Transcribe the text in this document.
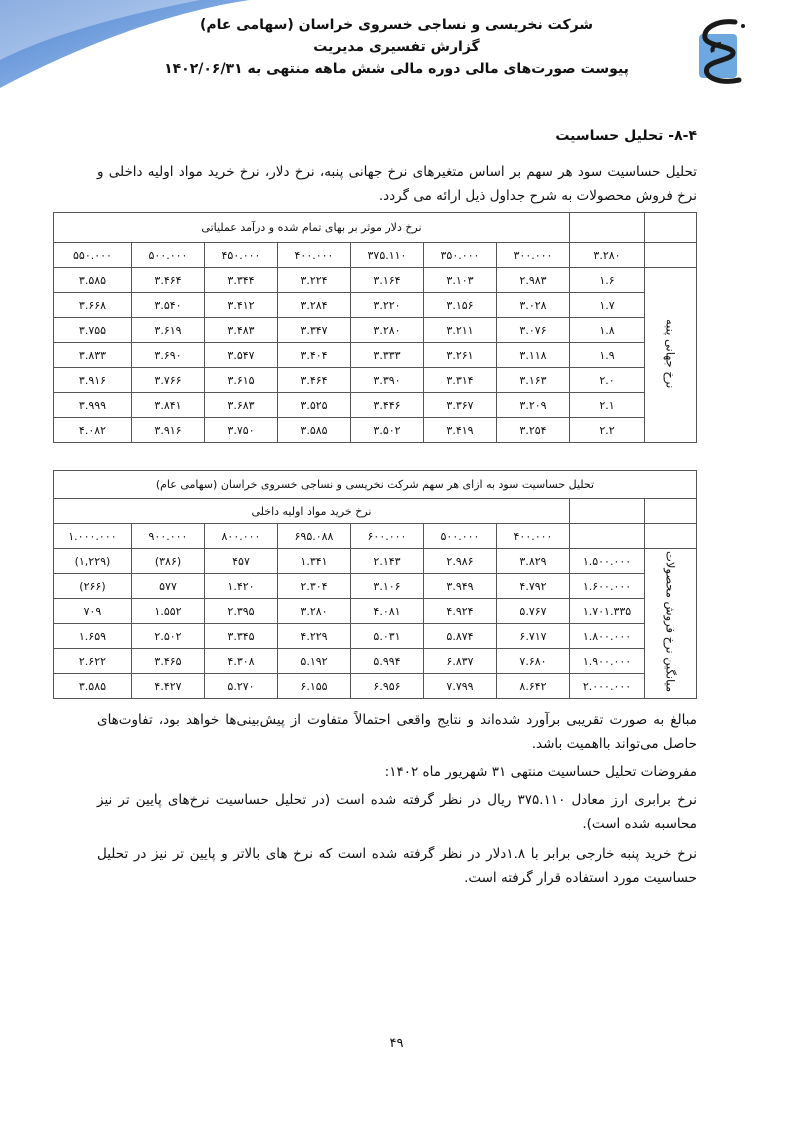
شرکت نخریسی و نساجی خسروی خراسان (سهامی عام)
گزارش تفسیری مدیریت
پیوست صورت‌های مالی دوره مالی شش ماهه منتهی به ۱۴۰۲/۰۶/۳۱
۸-۴- تحلیل حساسیت
تحلیل حساسیت سود هر سهم بر اساس متغیرهای نرخ جهانی پنبه، نرخ دلار، نرخ خرید مواد اولیه داخلی و نرخ فروش محصولات به شرح جداول ذیل ارائه می گردد.
		نرخ دلار موثر بر بهای تمام شده و درآمد عملیاتی						
	۳.۲۸۰	۳۰۰.۰۰۰	۳۵۰.۰۰۰	۳۷۵.۱۱۰	۴۰۰.۰۰۰	۴۵۰.۰۰۰	۵۰۰.۰۰۰	۵۵۰.۰۰۰
نرخ جهانی پنبه	۱.۶	۲.۹۸۳	۳.۱۰۳	۳.۱۶۴	۳.۲۲۴	۳.۳۴۴	۳.۴۶۴	۳.۵۸۵
	۱.۷	۳.۰۲۸	۳.۱۵۶	۳.۲۲۰	۳.۲۸۴	۳.۴۱۲	۳.۵۴۰	۳.۶۶۸
	۱.۸	۳.۰۷۶	۳.۲۱۱	۳.۲۸۰	۳.۳۴۷	۳.۴۸۳	۳.۶۱۹	۳.۷۵۵
	۱.۹	۳.۱۱۸	۳.۲۶۱	۳.۳۳۳	۳.۴۰۴	۳.۵۴۷	۳.۶۹۰	۳.۸۳۳
	۲.۰	۳.۱۶۳	۳.۳۱۴	۳.۳۹۰	۳.۴۶۴	۳.۶۱۵	۳.۷۶۶	۳.۹۱۶
	۲.۱	۳.۲۰۹	۳.۳۶۷	۳.۴۴۶	۳.۵۲۵	۳.۶۸۳	۳.۸۴۱	۳.۹۹۹
	۲.۲	۳.۲۵۴	۳.۴۱۹	۳.۵۰۲	۳.۵۸۵	۳.۷۵۰	۳.۹۱۶	۴.۰۸۲
تحلیل حساسیت سود به ازای هر سهم شرکت نخریسی و نساجی خسروی خراسان (سهامی عام)								
		نرخ خرید مواد اولیه داخلی						
		۴۰۰.۰۰۰	۵۰۰.۰۰۰	۶۰۰.۰۰۰	۶۹۵.۰۸۸	۸۰۰.۰۰۰	۹۰۰.۰۰۰	۱.۰۰۰.۰۰۰
میانگین نرخ فروش محصولات	۱.۵۰۰.۰۰۰	۳.۸۲۹	۲.۹۸۶	۲.۱۴۳	۱.۳۴۱	۴۵۷	(۳۸۶)	(۱,۲۲۹)
	۱.۶۰۰.۰۰۰	۴.۷۹۲	۳.۹۴۹	۳.۱۰۶	۲.۳۰۴	۱.۴۲۰	۵۷۷	(۲۶۶)
	۱.۷۰۱.۳۳۵	۵.۷۶۷	۴.۹۲۴	۴.۰۸۱	۳.۲۸۰	۲.۳۹۵	۱.۵۵۲	۷۰۹
	۱.۸۰۰.۰۰۰	۶.۷۱۷	۵.۸۷۴	۵.۰۳۱	۴.۲۲۹	۳.۳۴۵	۲.۵۰۲	۱.۶۵۹
	۱.۹۰۰.۰۰۰	۷.۶۸۰	۶.۸۳۷	۵.۹۹۴	۵.۱۹۲	۴.۳۰۸	۳.۴۶۵	۲.۶۲۲
	۲.۰۰۰.۰۰۰	۸.۶۴۲	۷.۷۹۹	۶.۹۵۶	۶.۱۵۵	۵.۲۷۰	۴.۴۲۷	۳.۵۸۵
مبالغ به صورت تقریبی برآورد شده‌اند و نتایج واقعی احتمالاً متفاوت از پیش‌بینی‌ها خواهد بود، تفاوت‌های حاصل می‌تواند بااهمیت باشد.
مفروضات تحلیل حساسیت منتهی ۳۱ شهریور ماه ۱۴۰۲:
نرخ برابری ارز معادل ۳۷۵.۱۱۰ ریال در نظر گرفته شده است (در تحلیل حساسیت نرخ‌های پایین تر نیز محاسبه شده است).
نرخ خرید پنبه خارجی برابر با ۱.۸دلار در نظر گرفته شده است که نرخ های بالاتر و پایین تر نیز در تحلیل حساسیت مورد استفاده قرار گرفته است.
۴۹
